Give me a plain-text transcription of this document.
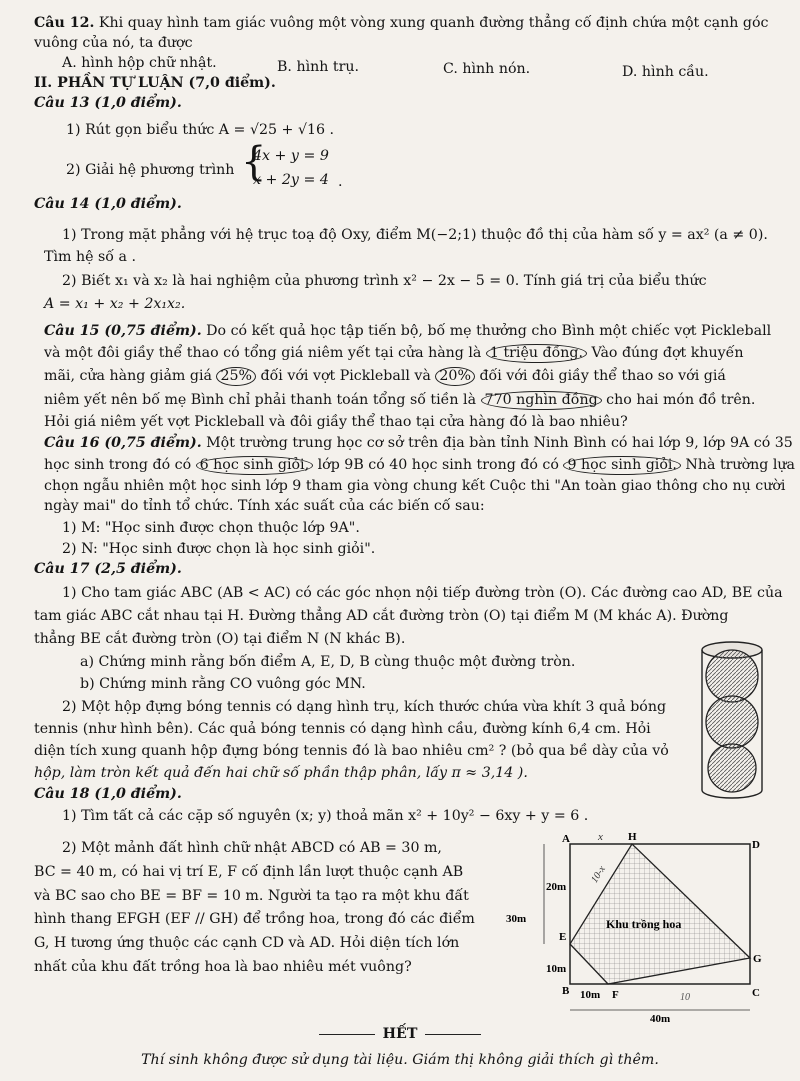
Câu 12. Khi quay hình tam giác vuông một vòng xung quanh đường thẳng cố định chứa một cạnh góc
vuông của nó, ta được
A. hình hộp chữ nhật.	B. hình trụ.	C. hình nón.	D. hình cầu.
II. PHẦN TỰ LUẬN (7,0 điểm).
Câu 13 (1,0 điểm).
1) Rút gọn biểu thức A = √25 + √16 .
2) Giải hệ phương trình {
4x + y = 9
x + 2y = 4 .
Câu 14 (1,0 điểm).
1) Trong mặt phẳng với hệ trục toạ độ Oxy, điểm M(−2;1) thuộc đồ thị của hàm số y = ax² (a ≠ 0).
Tìm hệ số a .
2) Biết x₁ và x₂ là hai nghiệm của phương trình x² − 2x − 5 = 0. Tính giá trị của biểu thức
A = x₁ + x₂ + 2x₁x₂.
Câu 15 (0,75 điểm). Do có kết quả học tập tiến bộ, bố mẹ thưởng cho Bình một chiếc vợt Pickleball
và một đôi giầy thể thao có tổng giá niêm yết tại cửa hàng là 1 triệu đồng. Vào đúng đợt khuyến
mãi, cửa hàng giảm giá 25% đối với vợt Pickleball và 20% đối với đôi giầy thể thao so với giá
niêm yết nên bố mẹ Bình chỉ phải thanh toán tổng số tiền là 770 nghìn đồng cho hai món đồ trên.
Hỏi giá niêm yết vợt Pickleball và đôi giầy thể thao tại cửa hàng đó là bao nhiêu?
Câu 16 (0,75 điểm). Một trường trung học cơ sở trên địa bàn tỉnh Ninh Bình có hai lớp 9, lớp 9A có 35
học sinh trong đó có 6 học sinh giỏi, lớp 9B có 40 học sinh trong đó có 9 học sinh giỏi. Nhà trường lựa
chọn ngẫu nhiên một học sinh lớp 9 tham gia vòng chung kết Cuộc thi "An toàn giao thông cho nụ cười
ngày mai" do tỉnh tổ chức. Tính xác suất của các biến cố sau:
1) M: "Học sinh được chọn thuộc lớp 9A".
2) N: "Học sinh được chọn là học sinh giỏi".
Câu 17 (2,5 điểm).
1) Cho tam giác ABC (AB < AC) có các góc nhọn nội tiếp đường tròn (O). Các đường cao AD, BE của
tam giác ABC cắt nhau tại H. Đường thẳng AD cắt đường tròn (O) tại điểm M (M khác A). Đường
thẳng BE cắt đường tròn (O) tại điểm N (N khác B).
a) Chứng minh rằng bốn điểm A, E, D, B cùng thuộc một đường tròn.
b) Chứng minh rằng CO vuông góc MN.
2) Một hộp đựng bóng tennis có dạng hình trụ, kích thước chứa vừa khít 3 quả bóng
tennis (như hình bên). Các quả bóng tennis có dạng hình cầu, đường kính 6,4 cm. Hỏi
diện tích xung quanh hộp đựng bóng tennis đó là bao nhiêu cm² ? (bỏ qua bề dày của vỏ
hộp, làm tròn kết quả đến hai chữ số phần thập phân, lấy π ≈ 3,14 ).
Câu 18 (1,0 điểm).
1) Tìm tất cả các cặp số nguyên (x; y) thoả mãn x² + 10y² − 6xy + y = 6 .
2) Một mảnh đất hình chữ nhật ABCD có AB = 30 m,
BC = 40 m, có hai vị trí E, F cố định lần lượt thuộc cạnh AB
và BC sao cho BE = BF = 10 m. Người ta tạo ra một khu đất
hình thang EFGH (EF // GH) để trồng hoa, trong đó các điểm
G, H tương ứng thuộc các cạnh CD và AD. Hỏi diện tích lớn
nhất của khu đất trồng hoa là bao nhiêu mét vuông?
A	H
D
E
G
B	F	C
20m
30m
10m
10m
40m
Khu trồng hoa
x
10-x
10
HẾT
Thí sinh không được sử dụng tài liệu. Giám thị không giải thích gì thêm.
